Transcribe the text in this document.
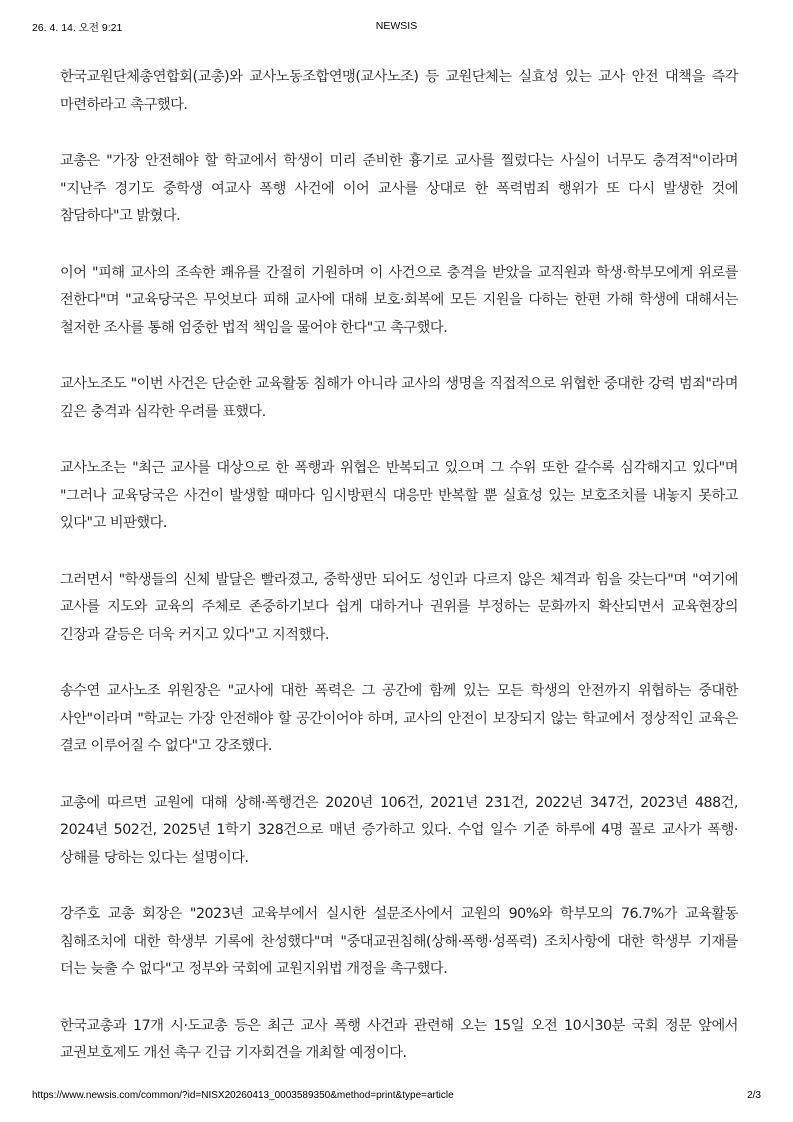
26. 4. 14. 오전 9:21	NEWSIS

한국교원단체총연합회(교총)와 교사노동조합연맹(교사노조) 등 교원단체는 실효성 있는 교사 안전 대책을 즉각 마련하라고 촉구했다.

교총은 "가장 안전해야 할 학교에서 학생이 미리 준비한 흉기로 교사를 찔렀다는 사실이 너무도 충격적"이라며 "지난주 경기도 중학생 여교사 폭행 사건에 이어 교사를 상대로 한 폭력범죄 행위가 또 다시 발생한 것에 참담하다"고 밝혔다.

이어 "피해 교사의 조속한 쾌유를 간절히 기원하며 이 사건으로 충격을 받았을 교직원과 학생·학부모에게 위로를 전한다"며 "교육당국은 무엇보다 피해 교사에 대해 보호·회복에 모든 지원을 다하는 한편 가해 학생에 대해서는 철저한 조사를 통해 엄중한 법적 책임을 물어야 한다"고 촉구했다.

교사노조도 "이번 사건은 단순한 교육활동 침해가 아니라 교사의 생명을 직접적으로 위협한 중대한 강력 범죄"라며 깊은 충격과 심각한 우려를 표했다.

교사노조는 "최근 교사를 대상으로 한 폭행과 위협은 반복되고 있으며 그 수위 또한 갈수록 심각해지고 있다"며 "그러나 교육당국은 사건이 발생할 때마다 임시방편식 대응만 반복할 뿐 실효성 있는 보호조치를 내놓지 못하고 있다"고 비판했다.

그러면서 "학생들의 신체 발달은 빨라졌고, 중학생만 되어도 성인과 다르지 않은 체격과 힘을 갖는다"며 "여기에 교사를 지도와 교육의 주체로 존중하기보다 쉽게 대하거나 권위를 부정하는 문화까지 확산되면서 교육현장의 긴장과 갈등은 더욱 커지고 있다"고 지적했다.

송수연 교사노조 위원장은 "교사에 대한 폭력은 그 공간에 함께 있는 모든 학생의 안전까지 위협하는 중대한 사안"이라며 "학교는 가장 안전해야 할 공간이어야 하며, 교사의 안전이 보장되지 않는 학교에서 정상적인 교육은 결코 이루어질 수 없다"고 강조했다.

교총에 따르면 교원에 대해 상해·폭행건은 2020년 106건, 2021년 231건, 2022년 347건, 2023년 488건, 2024년 502건, 2025년 1학기 328건으로 매년 증가하고 있다. 수업 일수 기준 하루에 4명 꼴로 교사가 폭행·상해를 당하는 있다는 설명이다.

강주호 교총 회장은 "2023년 교육부에서 실시한 설문조사에서 교원의 90%와 학부모의 76.7%가 교육활동 침해조치에 대한 학생부 기록에 찬성했다"며 "중대교권침해(상해·폭행·성폭력) 조치사항에 대한 학생부 기재를 더는 늦출 수 없다"고 정부와 국회에 교원지위법 개정을 촉구했다.

한국교총과 17개 시·도교총 등은 최근 교사 폭행 사건과 관련해 오는 15일 오전 10시30분 국회 정문 앞에서 교권보호제도 개선 촉구 긴급 기자회견을 개최할 예정이다.

https://www.newsis.com/common/?id=NISX20260413_0003589350&method=print&type=article	2/3
